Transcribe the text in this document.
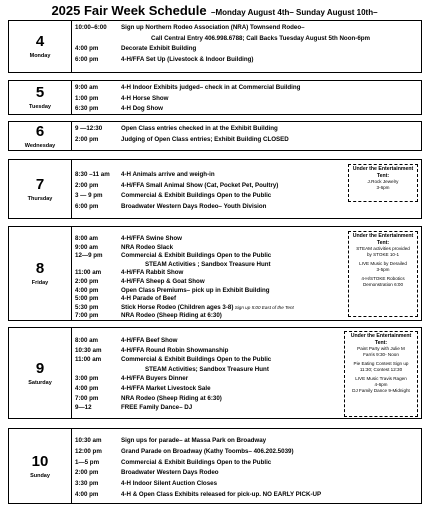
2025 Fair Week Schedule –Monday August 4th– Sunday August 10th–
4
Monday
10:00–6:00	Sign up Northern Rodeo Association (NRA) Townsend Rodeo–
Call Central Entry 406.998.6788; Call Backs Tuesday August 5th Noon-6pm
4:00 pm	Decorate Exhibit Building
6:00 pm	4-H/FFA Set Up (Livestock & Indoor Building)
5
Tuesday
9:00 am	4-H Indoor Exhibits judged– check in at Commercial Building
1:00 pm	4-H Horse Show
6:30 pm	4-H Dog Show
6
Wednesday
9 —12:30	Open Class entries checked in at the Exhibit Building
2:00 pm	Judging of Open Class entries; Exhibit Building CLOSED
7
Thursday
8:30 –11 am	4-H Animals arrive and weigh-in
2:00 pm	4-H/FFA Small Animal Show (Cat, Pocket Pet, Poultry)
3 — 9 pm	Commercial & Exhibit Buildings Open to the Public
6:00 pm	Broadwater Western Days Rodeo– Youth Division
Under the Entertainment Tent:
J.Rock Jewelry
3-6pm
8
Friday
8:00 am	4-H/FFA Swine Show
9:00 am	NRA Rodeo Slack
12—9 pm	Commercial & Exhibit Buildings Open to the Public
STEAM Activities ; Sandbox Treasure Hunt
11:00 am	4-H/FFA Rabbit Show
2:00 pm	4-H/FFA Sheep & Goat Show
4:00 pm	Open Class Premiums– pick up in Exhibit Building
5:00 pm	4-H Parade of Beef
5:30 pm	Stick Horse Rodeo (Children ages 3-8) Sign up 5:00 East of the Tent
7:00 pm	NRA Rodeo (Sheep Riding at 6:30)
Under the Entertainment Tent:
STEAM activities provided
by STOKE 10-1
LIVE Music by Derailed
3-5pm
4-H/STOKE Robotics
Demonstration 6:00
9
Saturday
8:00 am	4-H/FFA Beef Show
10:30 am	4-H/FFA Round Robin Showmanship
11:00 am	Commercial & Exhibit Buildings Open to the Public
STEAM Activities; Sandbox Treasure Hunt
3:00 pm	4-H/FFA Buyers Dinner
4:00 pm	4-H/FFA Market Livestock Sale
7:00 pm	NRA Rodeo (Sheep Riding at 6:30)
9—12	FREE Family Dance– DJ
Under the Entertainment Tent:
Paint Party with Julie M
Farris 9:30- Noon
Pie Eating Contest Sign up
11:30; Contest 12:30
LIVE Music Travis Ragen
4-6pm
DJ Family Dance 9-Midnight
10
Sunday
10:30 am	Sign ups for parade– at Massa Park on Broadway
12:00 pm	Grand Parade on Broadway (Kathy Toombs– 406.202.5039)
1—5 pm	Commercial & Exhibit Buildings Open to the Public
2:00 pm	Broadwater Western Days Rodeo
3:30 pm	4-H Indoor Silent Auction Closes
4:00 pm	4-H & Open Class Exhibits released for pick-up. NO EARLY PICK-UP
